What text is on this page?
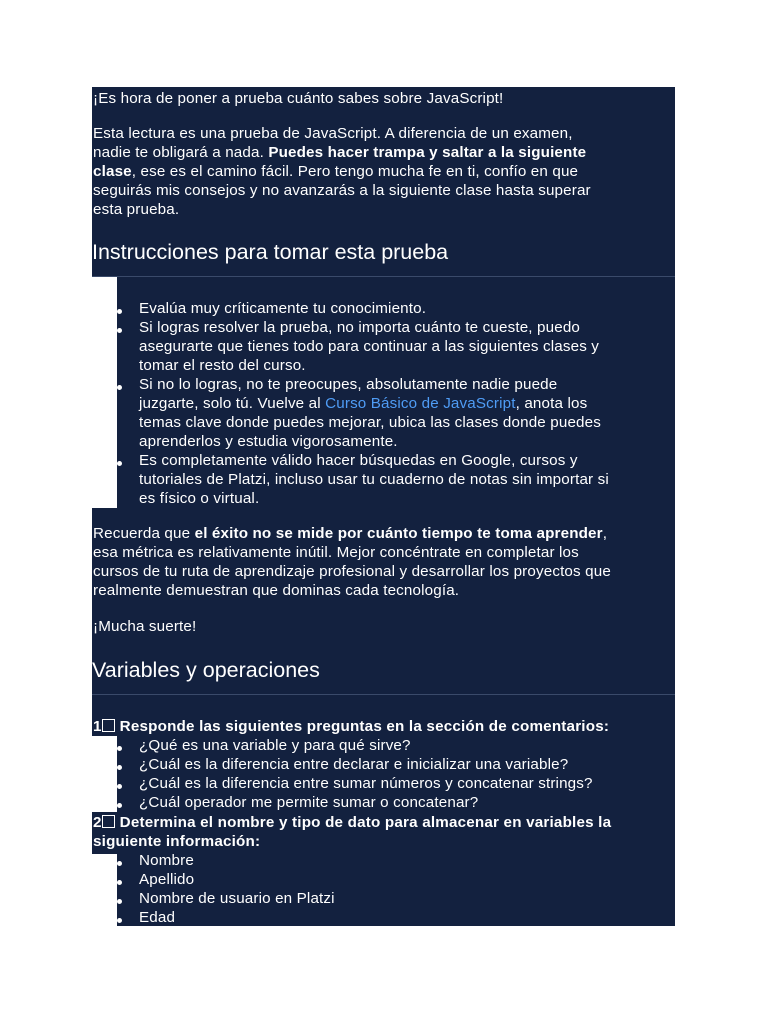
¡Es hora de poner a prueba cuánto sabes sobre JavaScript!
Esta lectura es una prueba de JavaScript. A diferencia de un examen,
nadie te obligará a nada. Puedes hacer trampa y saltar a la siguiente
clase, ese es el camino fácil. Pero tengo mucha fe en ti, confío en que
seguirás mis consejos y no avanzarás a la siguiente clase hasta superar
esta prueba.
Instrucciones para tomar esta prueba
Evalúa muy críticamente tu conocimiento.
Si logras resolver la prueba, no importa cuánto te cueste, puedo
asegurarte que tienes todo para continuar a las siguientes clases y
tomar el resto del curso.
Si no lo logras, no te preocupes, absolutamente nadie puede
juzgarte, solo tú. Vuelve al Curso Básico de JavaScript, anota los
temas clave donde puedes mejorar, ubica las clases donde puedes
aprenderlos y estudia vigorosamente.
Es completamente válido hacer búsquedas en Google, cursos y
tutoriales de Platzi, incluso usar tu cuaderno de notas sin importar si
es físico o virtual.
Recuerda que el éxito no se mide por cuánto tiempo te toma aprender,
esa métrica es relativamente inútil. Mejor concéntrate en completar los
cursos de tu ruta de aprendizaje profesional y desarrollar los proyectos que
realmente demuestran que dominas cada tecnología.
¡Mucha suerte!
Variables y operaciones
1 Responde las siguientes preguntas en la sección de comentarios:
¿Qué es una variable y para qué sirve?
¿Cuál es la diferencia entre declarar e inicializar una variable?
¿Cuál es la diferencia entre sumar números y concatenar strings?
¿Cuál operador me permite sumar o concatenar?
2 Determina el nombre y tipo de dato para almacenar en variables la
siguiente información:
Nombre
Apellido
Nombre de usuario en Platzi
Edad
